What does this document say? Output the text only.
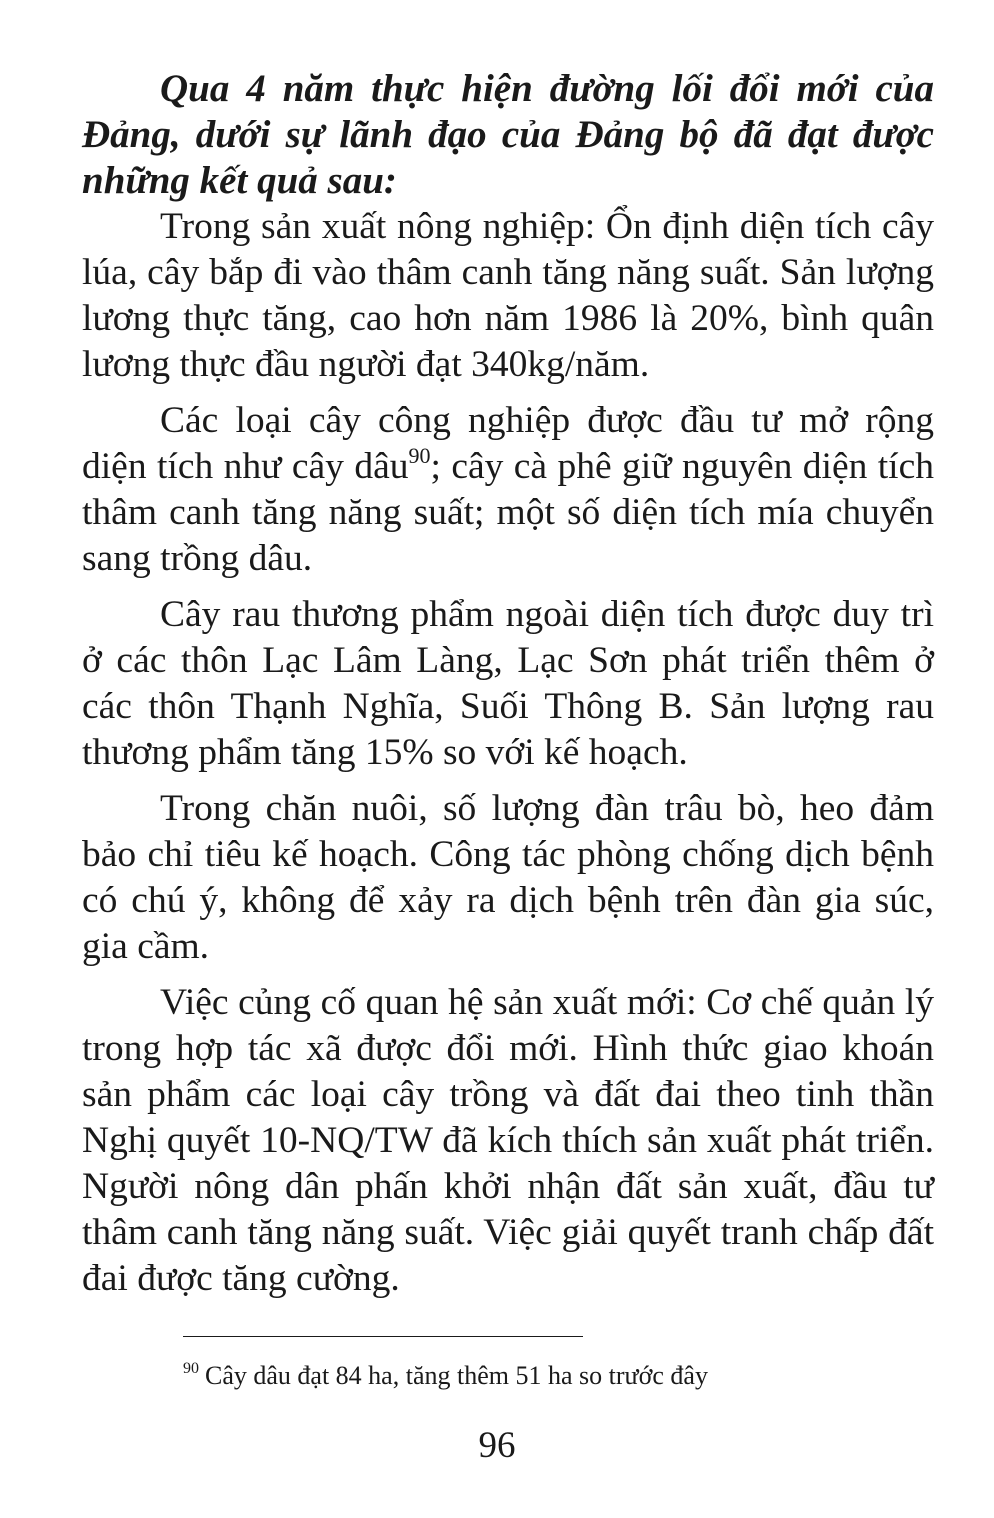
Qua 4 năm thực hiện đường lối đổi mới của Đảng, dưới sự lãnh đạo của Đảng bộ đã đạt được những kết quả sau:

Trong sản xuất nông nghiệp: Ổn định diện tích cây lúa, cây bắp đi vào thâm canh tăng năng suất. Sản lượng lương thực tăng, cao hơn năm 1986 là 20%, bình quân lương thực đầu người đạt 340kg/năm.

Các loại cây công nghiệp được đầu tư mở rộng diện tích như cây dâu$^{90}$; cây cà phê giữ nguyên diện tích thâm canh tăng năng suất; một số diện tích mía chuyển sang trồng dâu.

Cây rau thương phẩm ngoài diện tích được duy trì ở các thôn Lạc Lâm Làng, Lạc Sơn phát triển thêm ở các thôn Thạnh Nghĩa, Suối Thông B. Sản lượng rau thương phẩm tăng 15% so với kế hoạch.

Trong chăn nuôi, số lượng đàn trâu bò, heo đảm bảo chỉ tiêu kế hoạch. Công tác phòng chống dịch bệnh có chú ý, không để xảy ra dịch bệnh trên đàn gia súc, gia cầm.

Việc củng cố quan hệ sản xuất mới: Cơ chế quản lý trong hợp tác xã được đổi mới. Hình thức giao khoán sản phẩm các loại cây trồng và đất đai theo tinh thần Nghị quyết 10-NQ/TW đã kích thích sản xuất phát triển. Người nông dân phấn khởi nhận đất sản xuất, đầu tư thâm canh tăng năng suất. Việc giải quyết tranh chấp đất đai được tăng cường.

$^{90}$ Cây dâu đạt 84 ha, tăng thêm 51 ha so trước đây
96
